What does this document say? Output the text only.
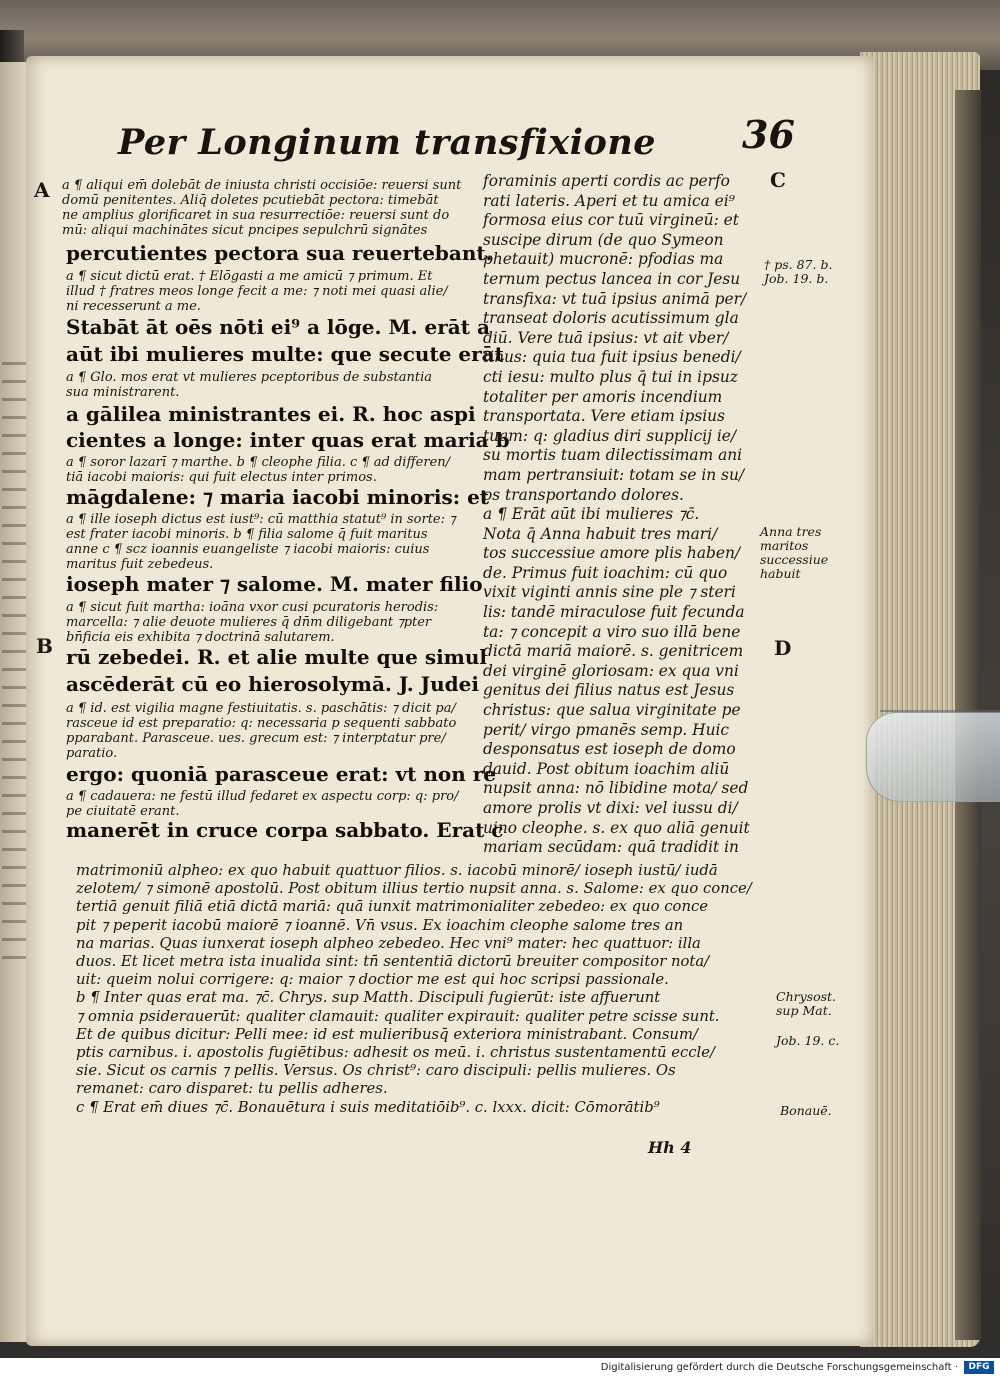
Per Longinum transfixione 36
A
B
C
D
a ¶ aliqui em̄ dolebāt de iniusta christi occisiōe: reuersi sunt
domū penitentes. Aliq̄ doletes pcutiebāt pectora: timebāt
ne amplius glorificaret in sua resurrectiōe: reuersi sunt do
mū: aliqui machinātes sicut pncipes sepulchrū signātes
percutientes pectora sua reuertebant.
a ¶ sicut dictū erat. † Elōgasti a me amicū ⁊ primum. Et
illud † fratres meos longe fecit a me: ⁊ noti mei quasi alie/
ni recesserunt a me.
Stabāt āt oēs nōti ei⁹ a lōge. M. erāt a
aūt ibi mulieres multe: que secute erāt
a ¶ Glo. mos erat vt mulieres pceptoribus de substantia
sua ministrarent.
a gālilea ministrantes ei. R. hoc aspi
cientes a longe: inter quas erat maria b
a ¶ soror lazarī ⁊ marthe. b ¶ cleophe filia. c ¶ ad differen/
tiā iacobi maioris: qui fuit electus inter primos.
māgdalene: ⁊ maria iacobi minoris: et
a ¶ ille ioseph dictus est iust⁹: cū matthia statut⁹ in sorte: ⁊
est frater iacobi minoris. b ¶ filia salome q̄ fuit maritus
anne c ¶ scz ioannis euangeliste ⁊ iacobi maioris: cuius
maritus fuit zebedeus.
ioseph mater ⁊ salome. M. mater filio
a ¶ sicut fuit martha: ioāna vxor cusi pcuratoris herodis:
marcella: ⁊ alie deuote mulieres q̄ dn̄m diligebant ⁊pter
bn̄ficia eis exhibita ⁊ doctrinā salutarem.
rū zebedei. R. et alie multe que simul
ascēderāt cū eo hierosolymā. J. Judei
a ¶ id. est vigilia magne festiuitatis. s. paschātis: ⁊ dicit pa/
rasceue id est preparatio: q: necessaria p sequenti sabbato
pparabant. Parasceue. ues. grecum est: ⁊ interptatur pre/
paratio.
ergo: quoniā parasceue erat: vt non re
a ¶ cadauera: ne festū illud fedaret ex aspectu corp: q: pro/
pe ciuitatē erant.
manerēt in cruce corpa sabbato. Erat c
foraminis aperti cordis ac perfo
rati lateris. Aperi et tu amica ei⁹
formosa eius cor tuū virgineū: et
suscipe dirum (de quo Symeon
phetauit) mucronē: pfodias ma
ternum pectus lancea in cor Jesu
transfixa: vt tuā ipsius animā per/
transeat doloris acutissimum gla
diū. Vere tuā ipsius: vt ait vber/
tinus: quia tua fuit ipsius benedi/
cti iesu: multo plus q̄ tui in ipsuz
totaliter per amoris incendium
transportata. Vere etiam ipsius
tuam: q: gladius diri supplicij ie/
su mortis tuam dilectissimam ani
mam pertransiuit: totam se in su/
os transportando dolores.
a ¶ Erāt aūt ibi mulieres ⁊c̄.
Nota q̄ Anna habuit tres mari/
tos successiue amore plis haben/
de. Primus fuit ioachim: cū quo
vixit viginti annis sine ple ⁊ steri
lis: tandē miraculose fuit fecunda
ta: ⁊ concepit a viro suo illā bene
dictā mariā maiorē. s. genitricem
dei virginē gloriosam: ex qua vni
genitus dei filius natus est Jesus
christus: que salua virginitate pe
perit/ virgo pmanēs semp. Huic
desponsatus est ioseph de domo
dauid. Post obitum ioachim aliū
nupsit anna: nō libidine mota/ sed
amore prolis vt dixi: vel iussu di/
uino cleophe. s. ex quo aliā genuit
mariam secūdam: quā tradidit in
† ps. 87. b.
Job. 19. b.
Anna tres
maritos
successiue
habuit
matrimoniū alpheo: ex quo habuit quattuor filios. s. iacobū minorē/ ioseph iustū/ iudā
zelotem/ ⁊ simonē apostolū. Post obitum illius tertio nupsit anna. s. Salome: ex quo conce/
tertiā genuit filiā etiā dictā mariā: quā iunxit matrimonialiter zebedeo: ex quo conce
pit ⁊ peperit iacobū maiorē ⁊ ioannē. Vn̄ vsus. Ex ioachim cleophe salome tres an
na marias. Quas iunxerat ioseph alpheo zebedeo. Hec vni⁹ mater: hec quattuor: illa
duos. Et licet metra ista inualida sint: tn̄ sententiā dictorū breuiter compositor nota/
uit: queim nolui corrigere: q: maior ⁊ doctior me est qui hoc scripsi passionale.
b ¶ Inter quas erat ma. ⁊c̄. Chrys. sup Matth. Discipuli fugierūt: iste affuerunt
⁊ omnia psiderauerūt: qualiter clamauit: qualiter expirauit: qualiter petre scisse sunt.
Et de quibus dicitur: Pelli mee: id est mulieribusq̄ exteriora ministrabant. Consum/
ptis carnibus. i. apostolis fugiētibus: adhesit os meū. i. christus sustentamentū eccle/
sie. Sicut os carnis ⁊ pellis. Versus. Os christ⁹: caro discipuli: pellis mulieres. Os
remanet: caro disparet: tu pellis adheres.
c ¶ Erat em̄ diues ⁊c̄. Bonauētura i suis meditatiōib⁹. c. lxxx. dicit: Cōmorātib⁹
Chrysost.
sup Mat.
Job. 19. c.
Bonauē.
Hh 4
Digitalisierung gefördert durch die Deutsche Forschungsgemeinschaft ·	DFG
